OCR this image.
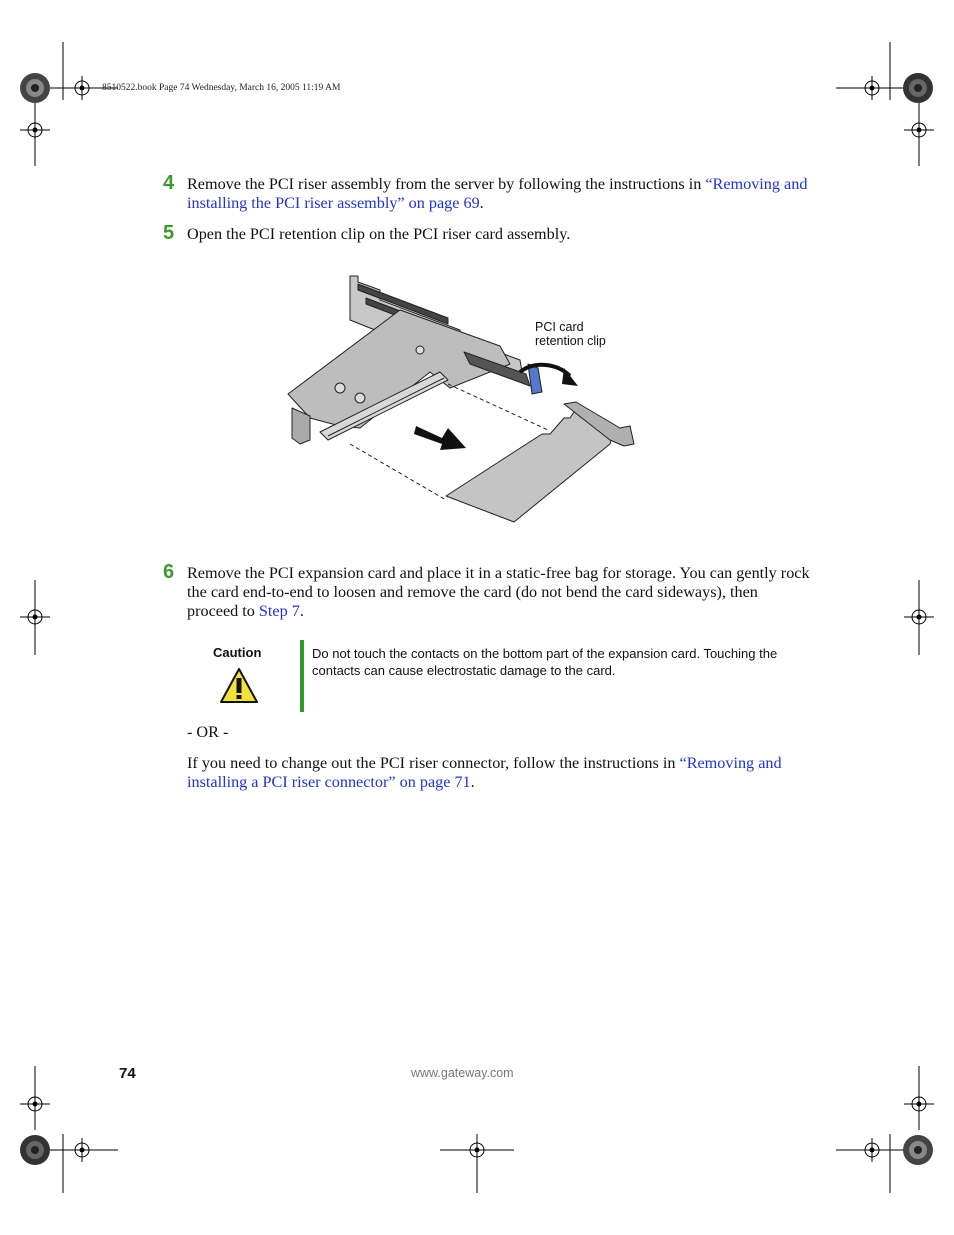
8510522.book Page 74 Wednesday, March 16, 2005 11:19 AM
4 Remove the PCI riser assembly from the server by following the instructions in “Removing and installing the PCI riser assembly” on page 69.
5 Open the PCI retention clip on the PCI riser card assembly.
PCI card
retention clip
6 Remove the PCI expansion card and place it in a static-free bag for storage. You can gently rock the card end-to-end to loosen and remove the card (do not bend the card sideways), then proceed to Step 7.
Caution	Do not touch the contacts on the bottom part of the expansion card. Touching the contacts can cause electrostatic damage to the card.
- OR -
If you need to change out the PCI riser connector, follow the instructions in “Removing and installing a PCI riser connector” on page 71.
74	www.gateway.com
